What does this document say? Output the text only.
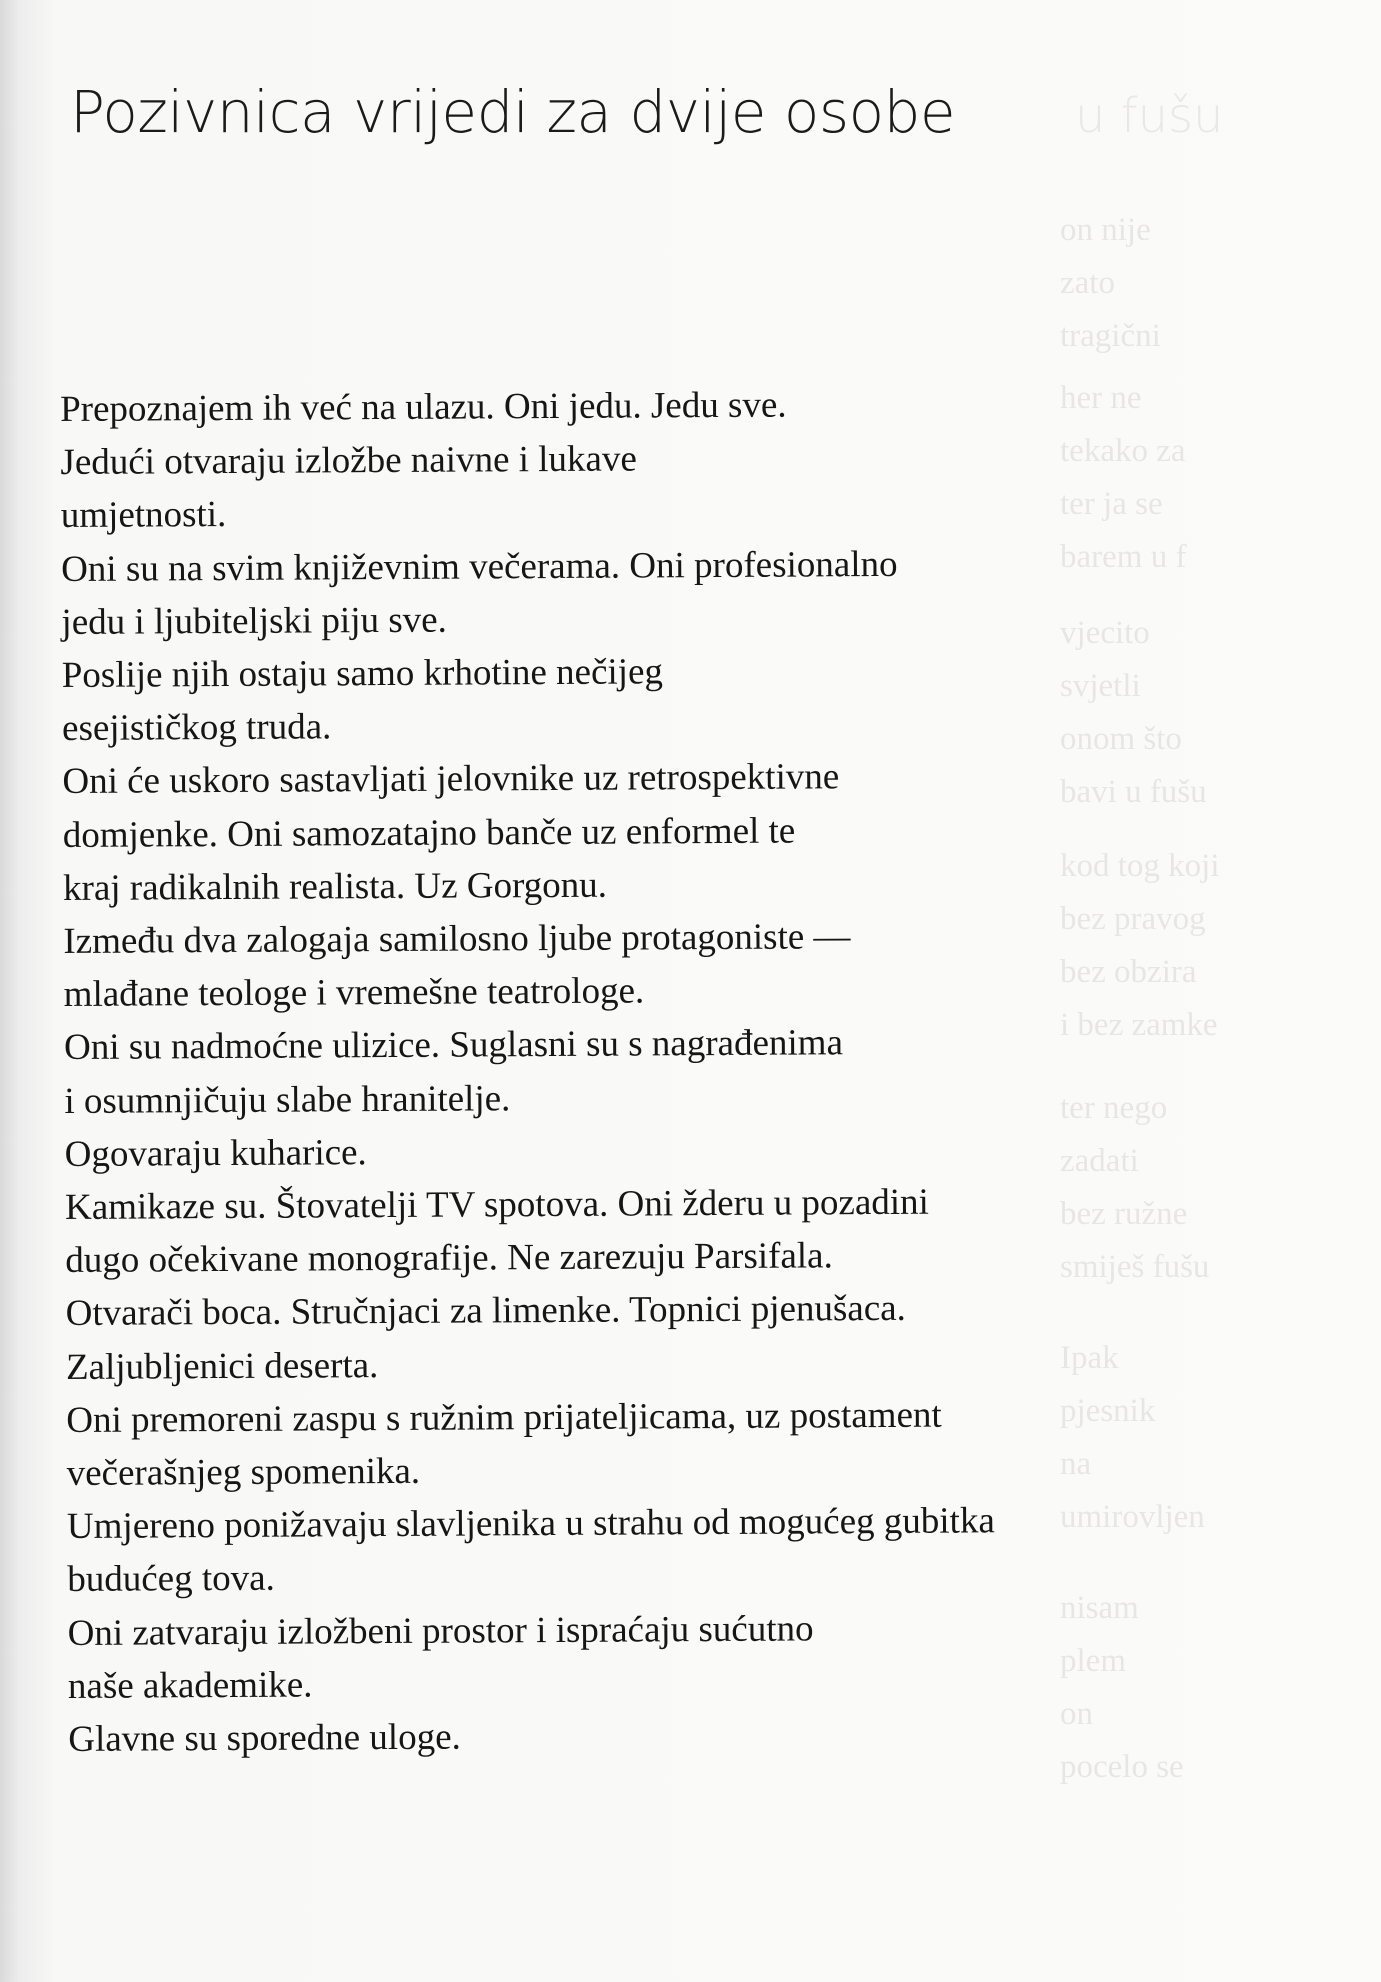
u fušu
on nije
zato
tragični
her ne
tekako za
ter ja se
barem u f
vjecito
svjetli
onom što
bavi u fušu
kod tog koji
bez pravog
bez obzira
i bez zamke
ter nego
zadati
bez ružne
smiješ fušu
Ipak
pjesnik
na
umirovljen
nisam
plem
on
pocelo se
Pozivnica vrijedi za dvije osobe
Prepoznajem ih već na ulazu. Oni jedu. Jedu sve.
Jedući otvaraju izložbe naivne i lukave
umjetnosti.
Oni su na svim književnim večerama. Oni profesionalno
jedu i ljubiteljski piju sve.
Poslije njih ostaju samo krhotine nečijeg
esejističkog truda.
Oni će uskoro sastavljati jelovnike uz retrospektivne
domjenke. Oni samozatajno banče uz enformel te
kraj radikalnih realista. Uz Gorgonu.
Između dva zalogaja samilosno ljube protagoniste —
mlađane teologe i vremešne teatrologe.
Oni su nadmoćne ulizice. Suglasni su s nagrađenima
i osumnjičuju slabe hranitelje.
Ogovaraju kuharice.
Kamikaze su. Štovatelji TV spotova. Oni žderu u pozadini
dugo očekivane monografije. Ne zarezuju Parsifala.
Otvarači boca. Stručnjaci za limenke. Topnici pjenušaca.
Zaljubljenici deserta.
Oni premoreni zaspu s ružnim prijateljicama, uz postament
večerašnjeg spomenika.
Umjereno ponižavaju slavljenika u strahu od mogućeg gubitka
budućeg tova.
Oni zatvaraju izložbeni prostor i ispraćaju sućutno
naše akademike.
Glavne su sporedne uloge.
